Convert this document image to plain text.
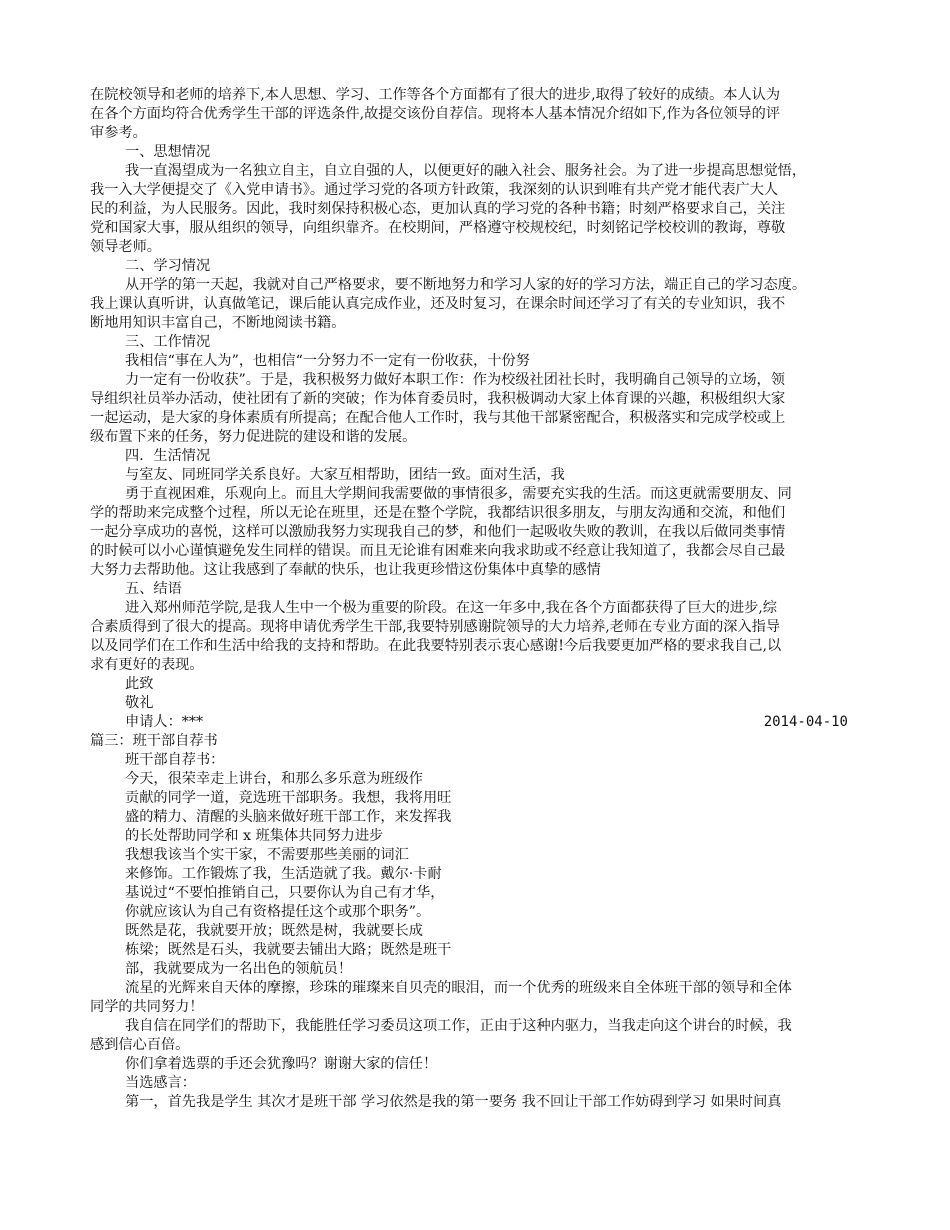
在院校领导和老师的培养下,本人思想、学习、工作等各个方面都有了很大的进步,取得了较好的成绩。本人认为
在各个方面均符合优秀学生干部的评选条件,故提交该份自荐信。现将本人基本情况介绍如下,作为各位领导的评
审参考。
一、思想情况
我一直渴望成为一名独立自主，自立自强的人，以便更好的融入社会、服务社会。为了进一步提高思想觉悟，
我一入大学便提交了《入党申请书》。通过学习党的各项方针政策，我深刻的认识到唯有共产党才能代表广大人
民的利益，为人民服务。因此，我时刻保持积极心态，更加认真的学习党的各种书籍；时刻严格要求自己，关注
党和国家大事，服从组织的领导，向组织靠齐。在校期间，严格遵守校规校纪，时刻铭记学校校训的教诲，尊敬
领导老师。
二、学习情况
从开学的第一天起，我就对自己严格要求，要不断地努力和学习人家的好的学习方法，端正自己的学习态度。
我上课认真听讲，认真做笔记，课后能认真完成作业，还及时复习，在课余时间还学习了有关的专业知识，我不
断地用知识丰富自己，不断地阅读书籍。
三、工作情况
我相信“事在人为”，也相信“一分努力不一定有一份收获，十份努
力一定有一份收获”。于是，我积极努力做好本职工作：作为校级社团社长时，我明确自己领导的立场，领
导组织社员举办活动，使社团有了新的突破；作为体育委员时，我积极调动大家上体育课的兴趣，积极组织大家
一起运动，是大家的身体素质有所提高；在配合他人工作时，我与其他干部紧密配合，积极落实和完成学校或上
级布置下来的任务，努力促进院的建设和谐的发展。
四．生活情况
与室友、同班同学关系良好。大家互相帮助，团结一致。面对生活，我
勇于直视困难，乐观向上。而且大学期间我需要做的事情很多，需要充实我的生活。而这更就需要朋友、同
学的帮助来完成整个过程，所以无论在班里，还是在整个学院，我都结识很多朋友，与朋友沟通和交流，和他们
一起分享成功的喜悦，这样可以激励我努力实现我自己的梦，和他们一起吸收失败的教训，在我以后做同类事情
的时候可以小心谨慎避免发生同样的错误。而且无论谁有困难来向我求助或不经意让我知道了，我都会尽自己最
大努力去帮助他。这让我感到了奉献的快乐，也让我更珍惜这份集体中真挚的感情
五、结语
进入郑州师范学院,是我人生中一个极为重要的阶段。在这一年多中,我在各个方面都获得了巨大的进步,综
合素质得到了很大的提高。现将申请优秀学生干部,我要特别感谢院领导的大力培养,老师在专业方面的深入指导
以及同学们在工作和生活中给我的支持和帮助。在此我要特别表示衷心感谢!今后我要更加严格的要求我自己,以
求有更好的表现。
此致
敬礼
申请人：***	2014-04-10
篇三：班干部自荐书
班干部自荐书：
今天，很荣幸走上讲台，和那么多乐意为班级作
贡献的同学一道，竞选班干部职务。我想，我将用旺
盛的精力、清醒的头脑来做好班干部工作，来发挥我
的长处帮助同学和 x 班集体共同努力进步
我想我该当个实干家，不需要那些美丽的词汇
来修饰。工作锻炼了我，生活造就了我。戴尔·卡耐
基说过“不要怕推销自己，只要你认为自己有才华，
你就应该认为自己有资格提任这个或那个职务”。
既然是花，我就要开放；既然是树，我就要长成
栋梁；既然是石头，我就要去铺出大路；既然是班干
部，我就要成为一名出色的领航员！
流星的光辉来自天体的摩擦，珍珠的璀璨来自贝壳的眼泪，而一个优秀的班级来自全体班干部的领导和全体
同学的共同努力！
我自信在同学们的帮助下，我能胜任学习委员这项工作，正由于这种内驱力，当我走向这个讲台的时候，我
感到信心百倍。
你们拿着选票的手还会犹豫吗？谢谢大家的信任！
当选感言：
第一，首先我是学生 其次才是班干部 学习依然是我的第一要务 我不回让干部工作妨碍到学习 如果时间真
